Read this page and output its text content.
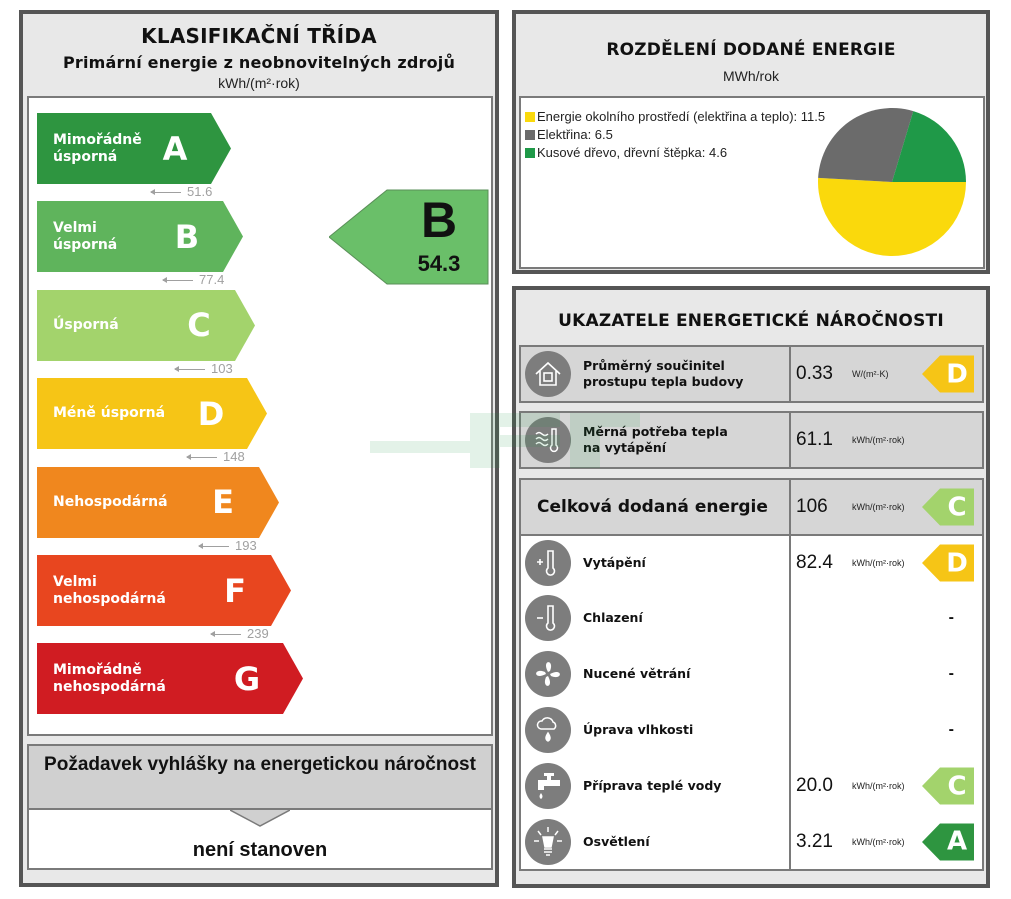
KLASIFIKAČNÍ TŘÍDA
Primární energie z neobnovitelných zdrojů
kWh/(m²·rok)
Mimořádně
úsporná	A
Velmi
úsporná B
Úsporná C
Méně úsporná D
Nehospodárná E
Velmi
nehospodárná F
Mimořádně
nehospodárná G
51.6
77.4
103
148
193
239
B
54.3
Požadavek vyhlášky na energetickou náročnost
není stanoven
ROZDĚLENÍ DODANÉ ENERGIE
MWh/rok
Energie okolního prostředí (elektřina a teplo): 11.5
Elektřina: 6.5
Kusové dřevo, dřevní štěpka: 4.6
UKAZATELE ENERGETICKÉ NÁROČNOSTI
Průměrný součinitel
prostupu tepla budovy	0.33	W/(m²·K) D
Měrná potřeba tepla
na vytápění	61.1	kWh/(m²·rok)
Celková dodaná energie 106	kWh/(m²·rok) C
Vytápění	82.4	kWh/(m²·rok) D
Chlazení	-
Nucené větrání	-
Úprava vlhkosti	-
Příprava teplé vody	20.0	kWh/(m²·rok) C
Osvětlení	3.21	kWh/(m²·rok) A
